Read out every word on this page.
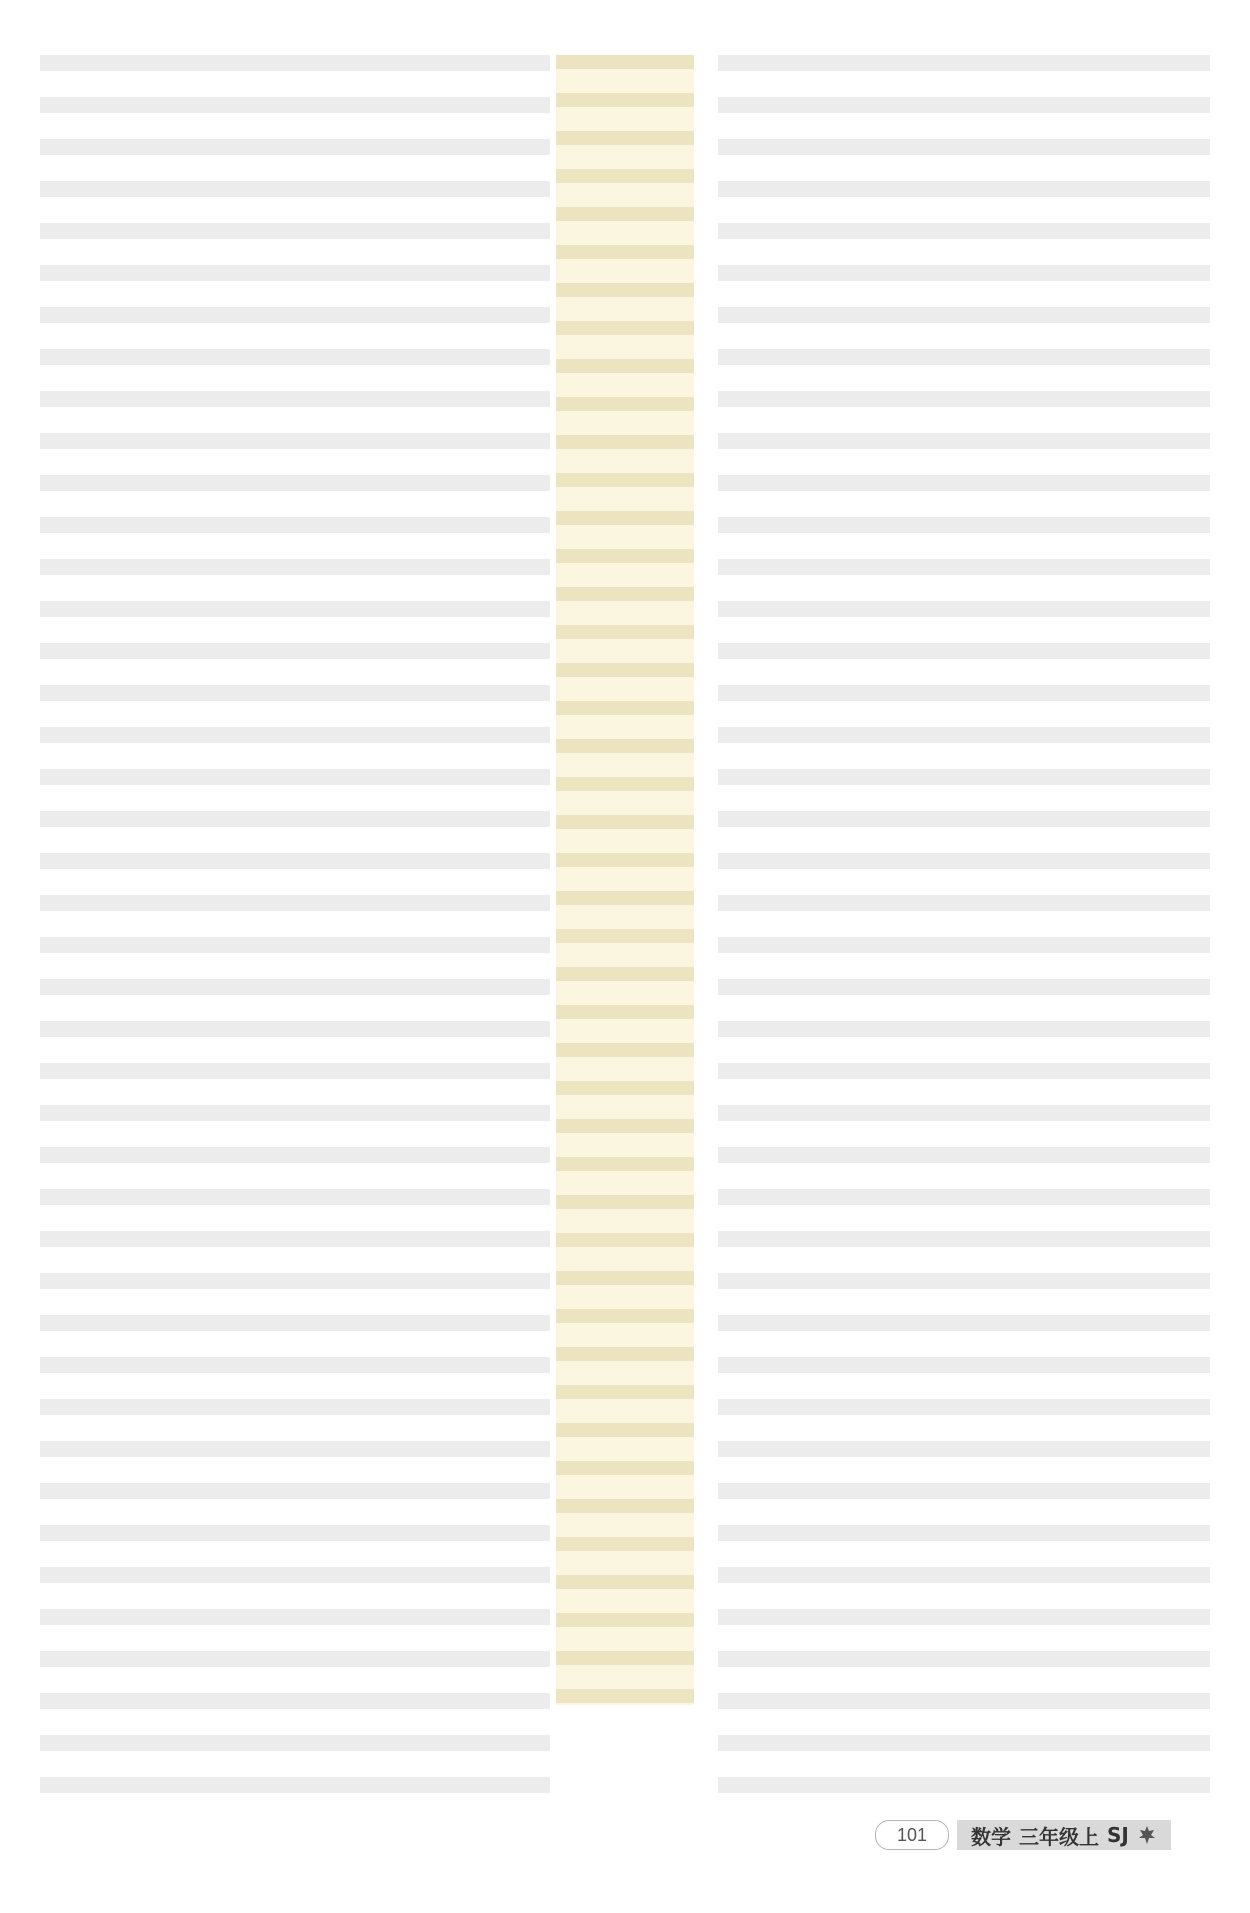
101	数学 三年级上 SJ
